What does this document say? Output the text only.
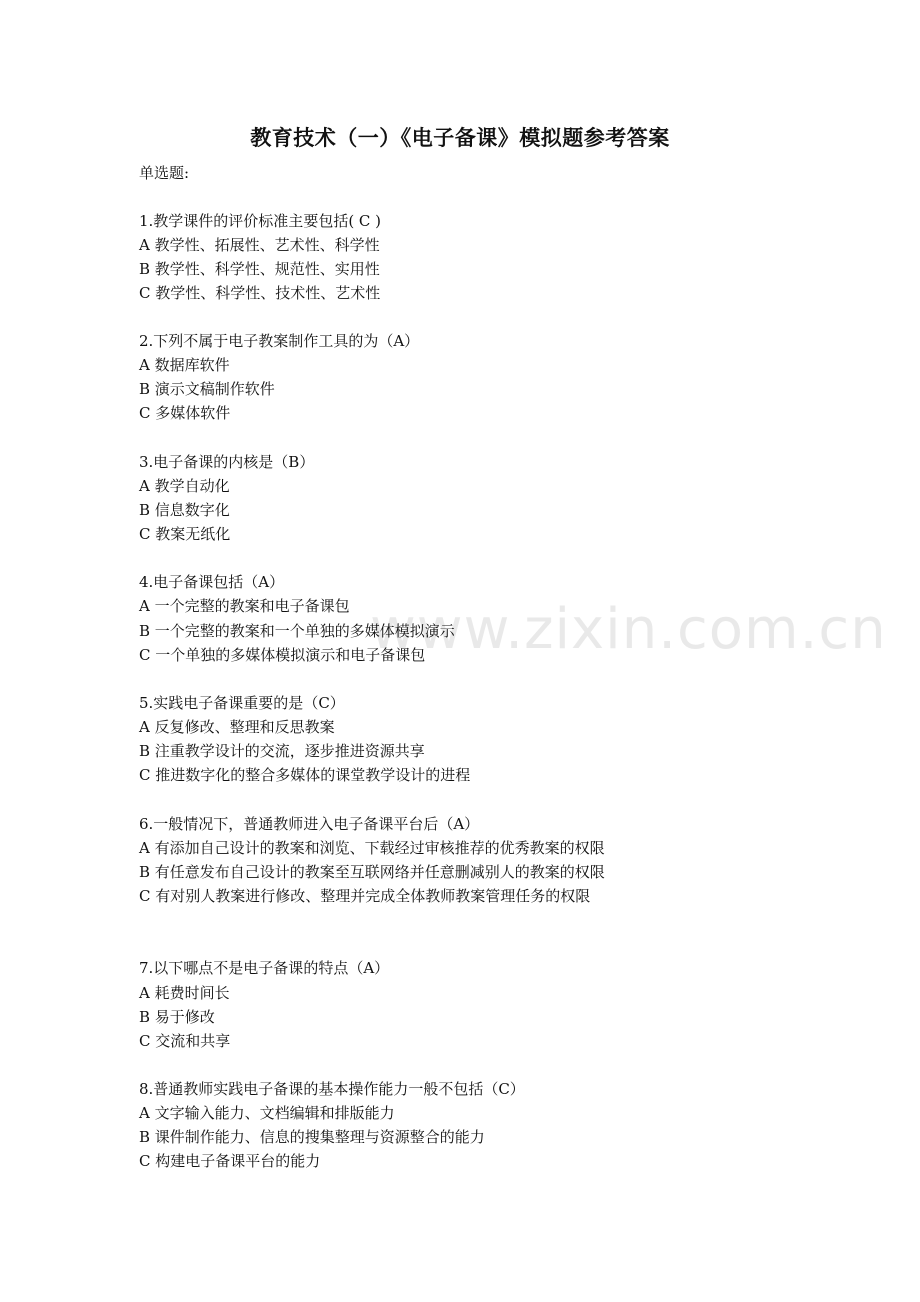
www.zixin.com.cn
教育技术（一）《电子备课》模拟题参考答案
单选题:
1.教学课件的评价标准主要包括( C )
A 教学性、拓展性、艺术性、科学性
B 教学性、科学性、规范性、实用性
C 教学性、科学性、技术性、艺术性
2.下列不属于电子教案制作工具的为（A）
A 数据库软件
B 演示文稿制作软件
C 多媒体软件
3.电子备课的内核是（B）
A 教学自动化
B 信息数字化
C 教案无纸化
4.电子备课包括（A）
A 一个完整的教案和电子备课包
B 一个完整的教案和一个单独的多媒体模拟演示
C 一个单独的多媒体模拟演示和电子备课包
5.实践电子备课重要的是（C）
A 反复修改、整理和反思教案
B 注重教学设计的交流，逐步推进资源共享
C 推进数字化的整合多媒体的课堂教学设计的进程
6.一般情况下，普通教师进入电子备课平台后（A）
A 有添加自己设计的教案和浏览、下载经过审核推荐的优秀教案的权限
B 有任意发布自己设计的教案至互联网络并任意删减别人的教案的权限
C 有对别人教案进行修改、整理并完成全体教师教案管理任务的权限
7.以下哪点不是电子备课的特点（A）
A 耗费时间长
B 易于修改
C 交流和共享
8.普通教师实践电子备课的基本操作能力一般不包括（C）
A 文字输入能力、文档编辑和排版能力
B 课件制作能力、信息的搜集整理与资源整合的能力
C 构建电子备课平台的能力
